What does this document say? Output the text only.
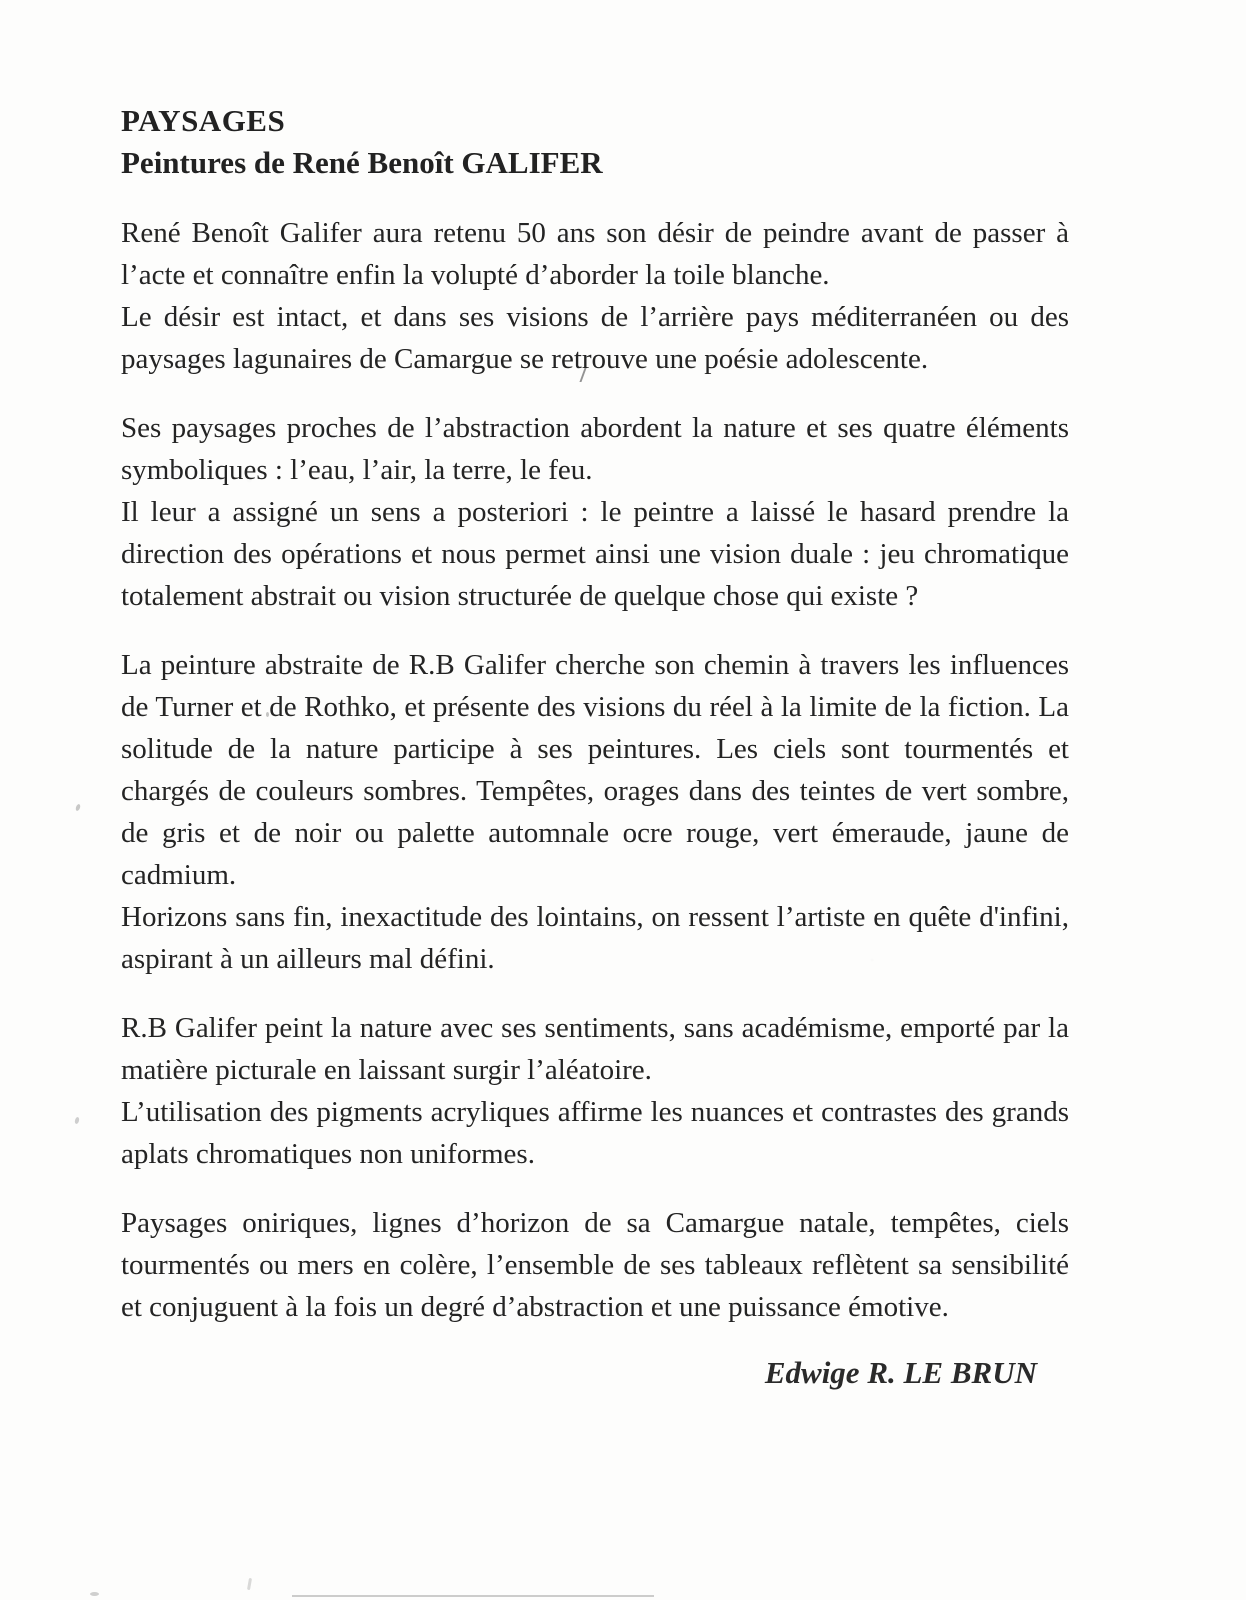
PAYSAGES
Peintures de René Benoît GALIFER
René Benoît Galifer aura retenu 50 ans son désir de peindre avant de passer à l’acte et connaître enfin la volupté d’aborder la toile blanche.
Le désir est intact, et dans ses visions de l’arrière pays méditerranéen ou des paysages lagunaires de Camargue se retrouve une poésie adolescente.
Ses paysages proches de l’abstraction abordent la nature et ses quatre éléments symboliques : l’eau, l’air, la terre, le feu.
Il leur a assigné un sens a posteriori : le peintre a laissé le hasard prendre la direction des opérations et nous permet ainsi une vision duale : jeu chromatique totalement abstrait ou vision structurée de quelque chose qui existe ?
La peinture abstraite de R.B Galifer cherche son chemin à travers les influences de Turner et de Rothko, et présente des visions du réel à la limite de la fiction. La solitude de la nature participe à ses peintures. Les ciels sont tourmentés et chargés de couleurs sombres. Tempêtes, orages dans des teintes de vert sombre, de gris et de noir ou palette automnale ocre rouge, vert émeraude, jaune de cadmium.
Horizons sans fin, inexactitude des lointains, on ressent l’artiste en quête d'infini, aspirant à un ailleurs mal défini.
R.B Galifer peint la nature avec ses sentiments, sans académisme, emporté par la matière picturale en laissant surgir l’aléatoire.
L’utilisation des pigments acryliques affirme les nuances et contrastes des grands aplats chromatiques non uniformes.
Paysages oniriques, lignes d’horizon de sa Camargue natale, tempêtes, ciels tourmentés ou mers en colère, l’ensemble de ses tableaux reflètent sa sensibilité et conjuguent à la fois un degré d’abstraction et une puissance émotive.
Edwige R. LE BRUN
